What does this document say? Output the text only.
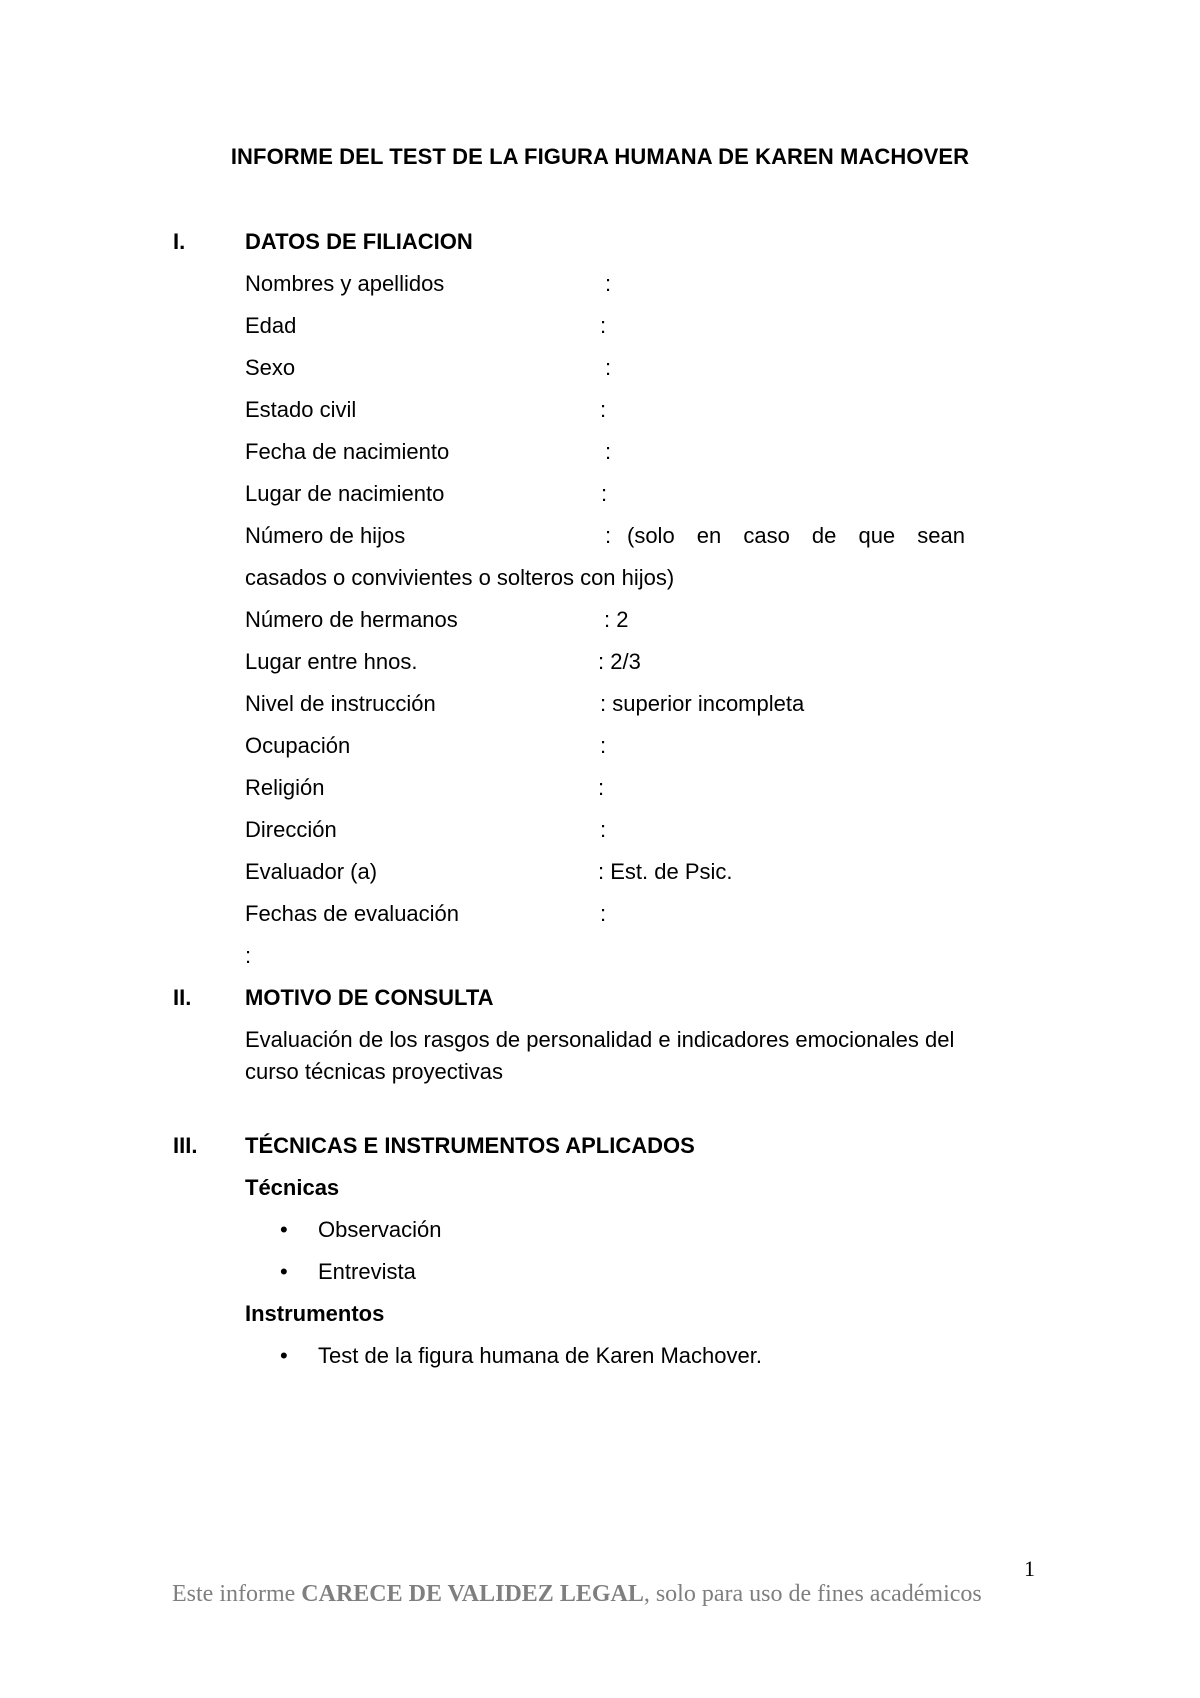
INFORME DEL TEST DE LA FIGURA HUMANA DE KAREN MACHOVER
I.	DATOS DE FILIACION
Nombres y apellidos	:
Edad	:
Sexo	:
Estado civil	:
Fecha de nacimiento	:
Lugar de nacimiento	:
Número de hijos	: (solo en caso de que sean
casados o convivientes o solteros con hijos)
Número de hermanos	: 2
Lugar entre hnos.	: 2/3
Nivel de instrucción	: superior incompleta
Ocupación	:
Religión	:
Dirección	:
Evaluador (a)	: Est. de Psic.
Fechas de evaluación	:
:
II. MOTIVO DE CONSULTA
Evaluación de los rasgos de personalidad e indicadores emocionales del
curso técnicas proyectivas
III. TÉCNICAS E INSTRUMENTOS APLICADOS
Técnicas
• Observación
• Entrevista
Instrumentos
• Test de la figura humana de Karen Machover.
1
Este informe CARECE DE VALIDEZ LEGAL, solo para uso de fines académicos
